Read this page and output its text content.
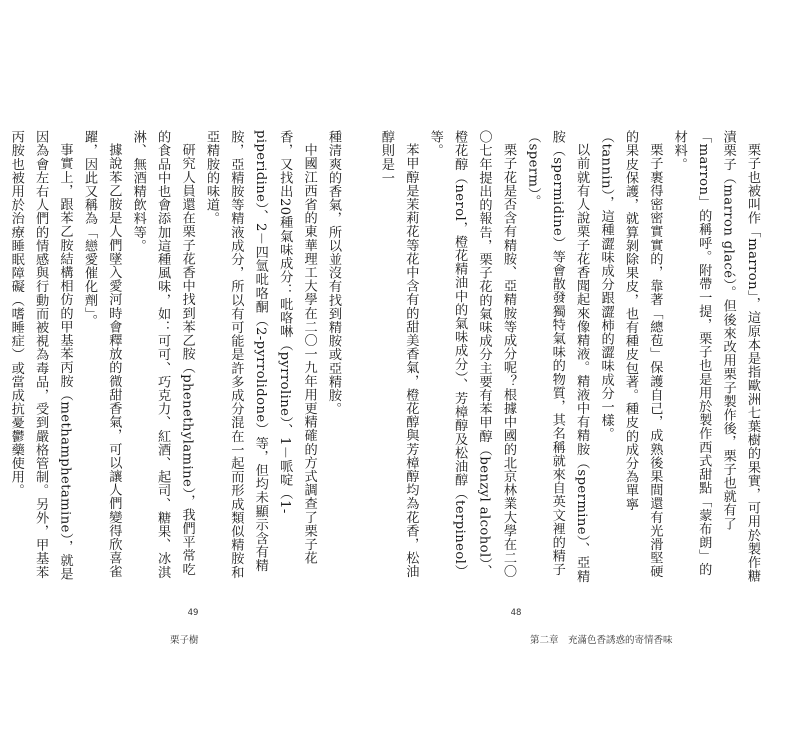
種清爽的香氣，所以並沒有找到精胺或亞精胺。

中國江西省的東華理工大學在二〇一九年用更精確的方式調查了栗子花香，又找出20種氣味成分：吡咯啉（pyrroline）、1－哌啶（1-piperidine）、2－四氫吡咯酮（2-pyrrolidone）等，但均未顯示含有精胺，亞精胺等精液成分，所以有可能是許多成分混在一起而形成類似精胺和亞精胺的味道。

研究人員還在栗子花香中找到苯乙胺（phenethylamine），我們平常吃的食品中也會添加這種風味，如：可可、巧克力、紅酒、起司、糖果、冰淇淋、無酒精飲料等。

據說苯乙胺是人們墜入愛河時會釋放的微甜香氣，可以讓人們變得欣喜雀躍，因此又稱為「戀愛催化劑」。

事實上，跟苯乙胺結構相仿的甲基苯丙胺（methamphetamine），就是因為會左右人們的情感與行動而被視為毒品，受到嚴格管制。另外，甲基苯丙胺也被用於治療睡眠障礙（嗜睡症）或當成抗憂鬱藥使用。

49
栗子樹

栗子也被叫作「marron」，這原本是指歐洲七葉樹的果實，可用於製作糖漬栗子（marron glacé）。但後來改用栗子製作後，栗子也就有了「marron」的稱呼。附帶一提，栗子也是用於製作西式甜點「蒙布朗」的材料。

栗子裹得密密實實的，靠著「總苞」保護自己，成熟後果間還有光滑堅硬的果皮保護，就算剝除果皮，也有種皮包著。種皮的成分為單寧（tannin），這種澀味成分跟澀柿的澀味成分一樣。

以前就有人說栗子花香聞起來像精液。精液中有精胺（spermine）、亞精胺（spermidine）等會散發獨特氣味的物質，其名稱就來自英文裡的精子（sperm）。

栗子花是否含有精胺、亞精胺等成分呢？根據中國的北京林業大學在二〇〇七年提出的報告，栗子花的氣味成分主要有苯甲醇（benzyl alcohol）、橙花醇（nerol，橙花精油中的氣味成分）、芳樟醇及松油醇（terpineol）等。

苯甲醇是茉莉花等花中含有的甜美香氣，橙花醇與芳樟醇均為花香，松油醇則是一

48
第二章　充滿色香誘惑的寄情香味
